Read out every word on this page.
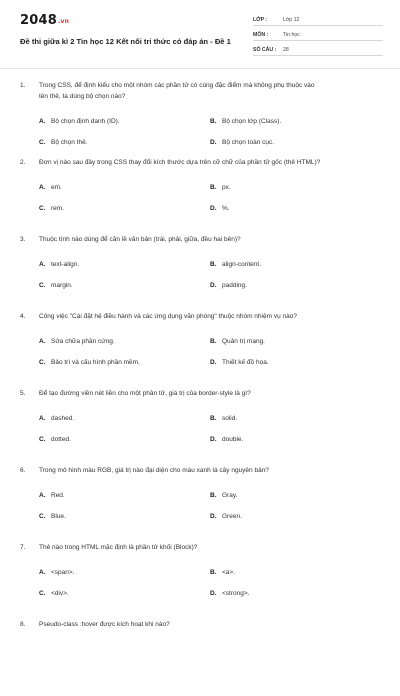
2048.vn
Đề thi giữa kì 2 Tin học 12 Kết nối tri thức có đáp án - Đề 1
LỚP :	Lớp 12
MÔN :	Tin học
SỐ CÂU :	28
1.	Trong CSS, để định kiểu cho một nhóm các phần tử có cùng đặc điểm mà không phụ thuộc vào
tên thẻ, ta dùng bộ chọn nào?
A. Bộ chọn định danh (ID).	B. Bộ chọn lớp (Class).
C. Bộ chọn thẻ.	D. Bộ chọn toàn cục.
2.	Đơn vị nào sau đây trong CSS thay đổi kích thước dựa trên cỡ chữ của phần tử gốc (thẻ HTML)?
A. em.	B. px.
C. rem.	D. %.
3.	Thuộc tính nào dùng để căn lề văn bản (trái, phải, giữa, đều hai bên)?
A. text-align.	B. align-content.
C. margin.	D. padding.
4.	Công việc "Cài đặt hệ điều hành và các ứng dụng văn phòng" thuộc nhóm nhiệm vụ nào?
A. Sửa chữa phần cứng.	B. Quản trị mạng.
C. Bảo trì và cấu hình phần mềm.	D. Thiết kế đồ họa.
5.	Để tạo đường viền nét liền cho một phần tử, giá trị của border-style là gì?
A. dashed.	B. solid.
C. dotted.	D. double.
6.	Trong mô hình màu RGB, giá trị nào đại diện cho màu xanh lá cây nguyên bản?
A. Red.	B. Gray.
C. Blue.	D. Green.
7.	Thẻ nào trong HTML mặc định là phần tử khối (Block)?
A. <span>.	B. <a>.
C. <div>.	D. <strong>.
8.	Pseudo-class :hover được kích hoạt khi nào?
